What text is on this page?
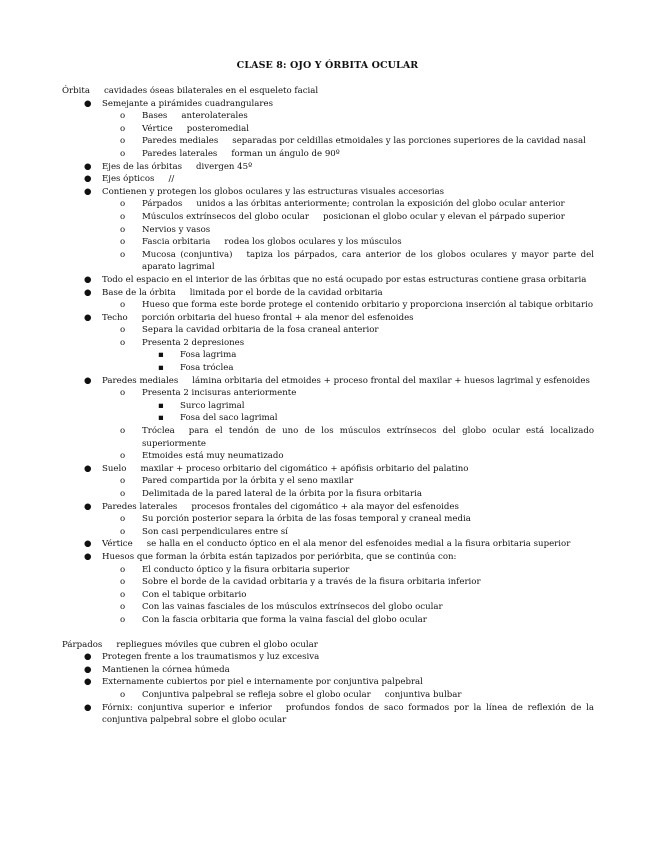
CLASE 8: OJO Y ÓRBITA OCULAR
Órbita cavidades óseas bilaterales en el esqueleto facial
● Semejante a pirámides cuadrangulares
o Bases anterolaterales
o Vértice posteromedial
o Paredes mediales separadas por celdillas etmoidales y las porciones superiores de la cavidad nasal
o Paredes laterales forman un ángulo de 90º
● Ejes de las órbitas divergen 45º
● Ejes ópticos //
● Contienen y protegen los globos oculares y las estructuras visuales accesorias
o Párpados unidos a las órbitas anteriormente; controlan la exposición del globo ocular anterior
o Músculos extrínsecos del globo ocular posicionan el globo ocular y elevan el párpado superior
o Nervios y vasos
o Fascia orbitaria rodea los globos oculares y los músculos
o Mucosa (conjuntiva) tapiza los párpados, cara anterior de los globos oculares y mayor parte del aparato lagrimal
● Todo el espacio en el interior de las órbitas que no está ocupado por estas estructuras contiene grasa orbitaria
● Base de la órbita limitada por el borde de la cavidad orbitaria
o Hueso que forma este borde protege el contenido orbitario y proporciona inserción al tabique orbitario
● Techo porción orbitaria del hueso frontal + ala menor del esfenoides
o Separa la cavidad orbitaria de la fosa craneal anterior
o Presenta 2 depresiones
▪ Fosa lagrima
▪ Fosa tróclea
● Paredes mediales lámina orbitaria del etmoides + proceso frontal del maxilar + huesos lagrimal y esfenoides
o Presenta 2 incisuras anteriormente
▪ Surco lagrimal
▪ Fosa del saco lagrimal
o Tróclea para el tendón de uno de los músculos extrínsecos del globo ocular está localizado superiormente
o Etmoides está muy neumatizado
● Suelo maxilar + proceso orbitario del cigomático + apófisis orbitario del palatino
o Pared compartida por la órbita y el seno maxilar
o Delimitada de la pared lateral de la órbita por la fisura orbitaria
● Paredes laterales procesos frontales del cigomático + ala mayor del esfenoides
o Su porción posterior separa la órbita de las fosas temporal y craneal media
o Son casi perpendiculares entre sí
● Vértice se halla en el conducto óptico en el ala menor del esfenoides medial a la fisura orbitaria superior
● Huesos que forman la órbita están tapizados por periórbita, que se continúa con:
o El conducto óptico y la fisura orbitaria superior
o Sobre el borde de la cavidad orbitaria y a través de la fisura orbitaria inferior
o Con el tabique orbitario
o Con las vainas fasciales de los músculos extrínsecos del globo ocular
o Con la fascia orbitaria que forma la vaina fascial del globo ocular
Párpados repliegues móviles que cubren el globo ocular
● Protegen frente a los traumatismos y luz excesiva
● Mantienen la córnea húmeda
● Externamente cubiertos por piel e internamente por conjuntiva palpebral
o Conjuntiva palpebral se refleja sobre el globo ocular conjuntiva bulbar
● Fórnix: conjuntiva superior e inferior profundos fondos de saco formados por la línea de reflexión de la conjuntiva palpebral sobre el globo ocular
